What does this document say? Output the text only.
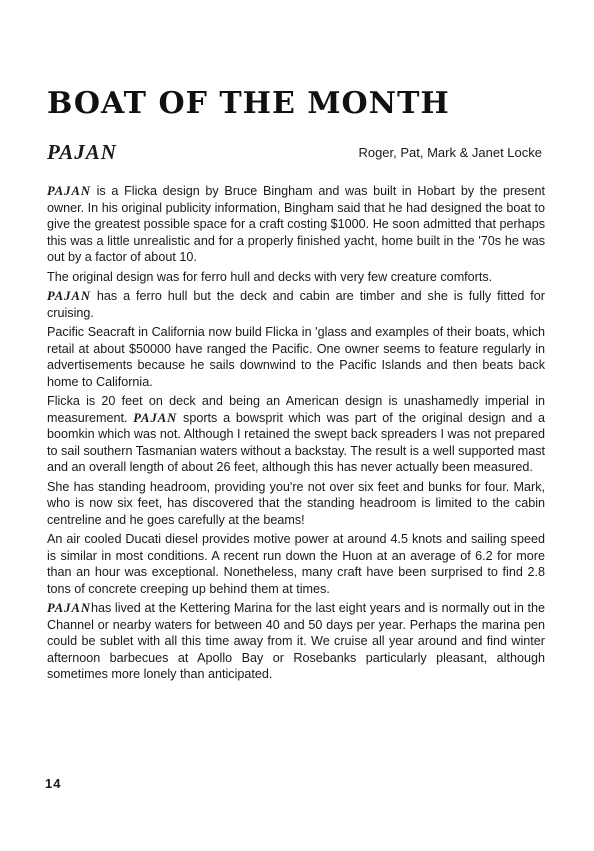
BOAT OF THE MONTH
PAJAN	Roger, Pat, Mark & Janet Locke

PAJAN is a Flicka design by Bruce Bingham and was built in Hobart by the present owner. In his original publicity information, Bingham said that he had designed the boat to give the greatest possible space for a craft costing $1000. He soon admitted that perhaps this was a little unrealistic and for a properly finished yacht, home built in the '70s he was out by a factor of about 10.

The original design was for ferro hull and decks with very few creature comforts.

PAJAN has a ferro hull but the deck and cabin are timber and she is fully fitted for cruising.

Pacific Seacraft in California now build Flicka in 'glass and examples of their boats, which retail at about $50000 have ranged the Pacific. One owner seems to feature regularly in advertisements because he sails downwind to the Pacific Islands and then beats back home to California.

Flicka is 20 feet on deck and being an American design is unashamedly imperial in measurement. PAJAN sports a bowsprit which was part of the original design and a boomkin which was not. Although I retained the swept back spreaders I was not prepared to sail southern Tasmanian waters without a backstay. The result is a well supported mast and an overall length of about 26 feet, although this has never actually been measured.

She has standing headroom, providing you're not over six feet and bunks for four. Mark, who is now six feet, has discovered that the standing headroom is limited to the cabin centreline and he goes carefully at the beams!

An air cooled Ducati diesel provides motive power at around 4.5 knots and sailing speed is similar in most conditions. A recent run down the Huon at an average of 6.2 for more than an hour was exceptional. Nonetheless, many craft have been surprised to find 2.8 tons of concrete creeping up behind them at times.

PAJANhas lived at the Kettering Marina for the last eight years and is normally out in the Channel or nearby waters for between 40 and 50 days per year. Perhaps the marina pen could be sublet with all this time away from it. We cruise all year around and find winter afternoon barbecues at Apollo Bay or Rosebanks particularly pleasant, although sometimes more lonely than anticipated.

14
